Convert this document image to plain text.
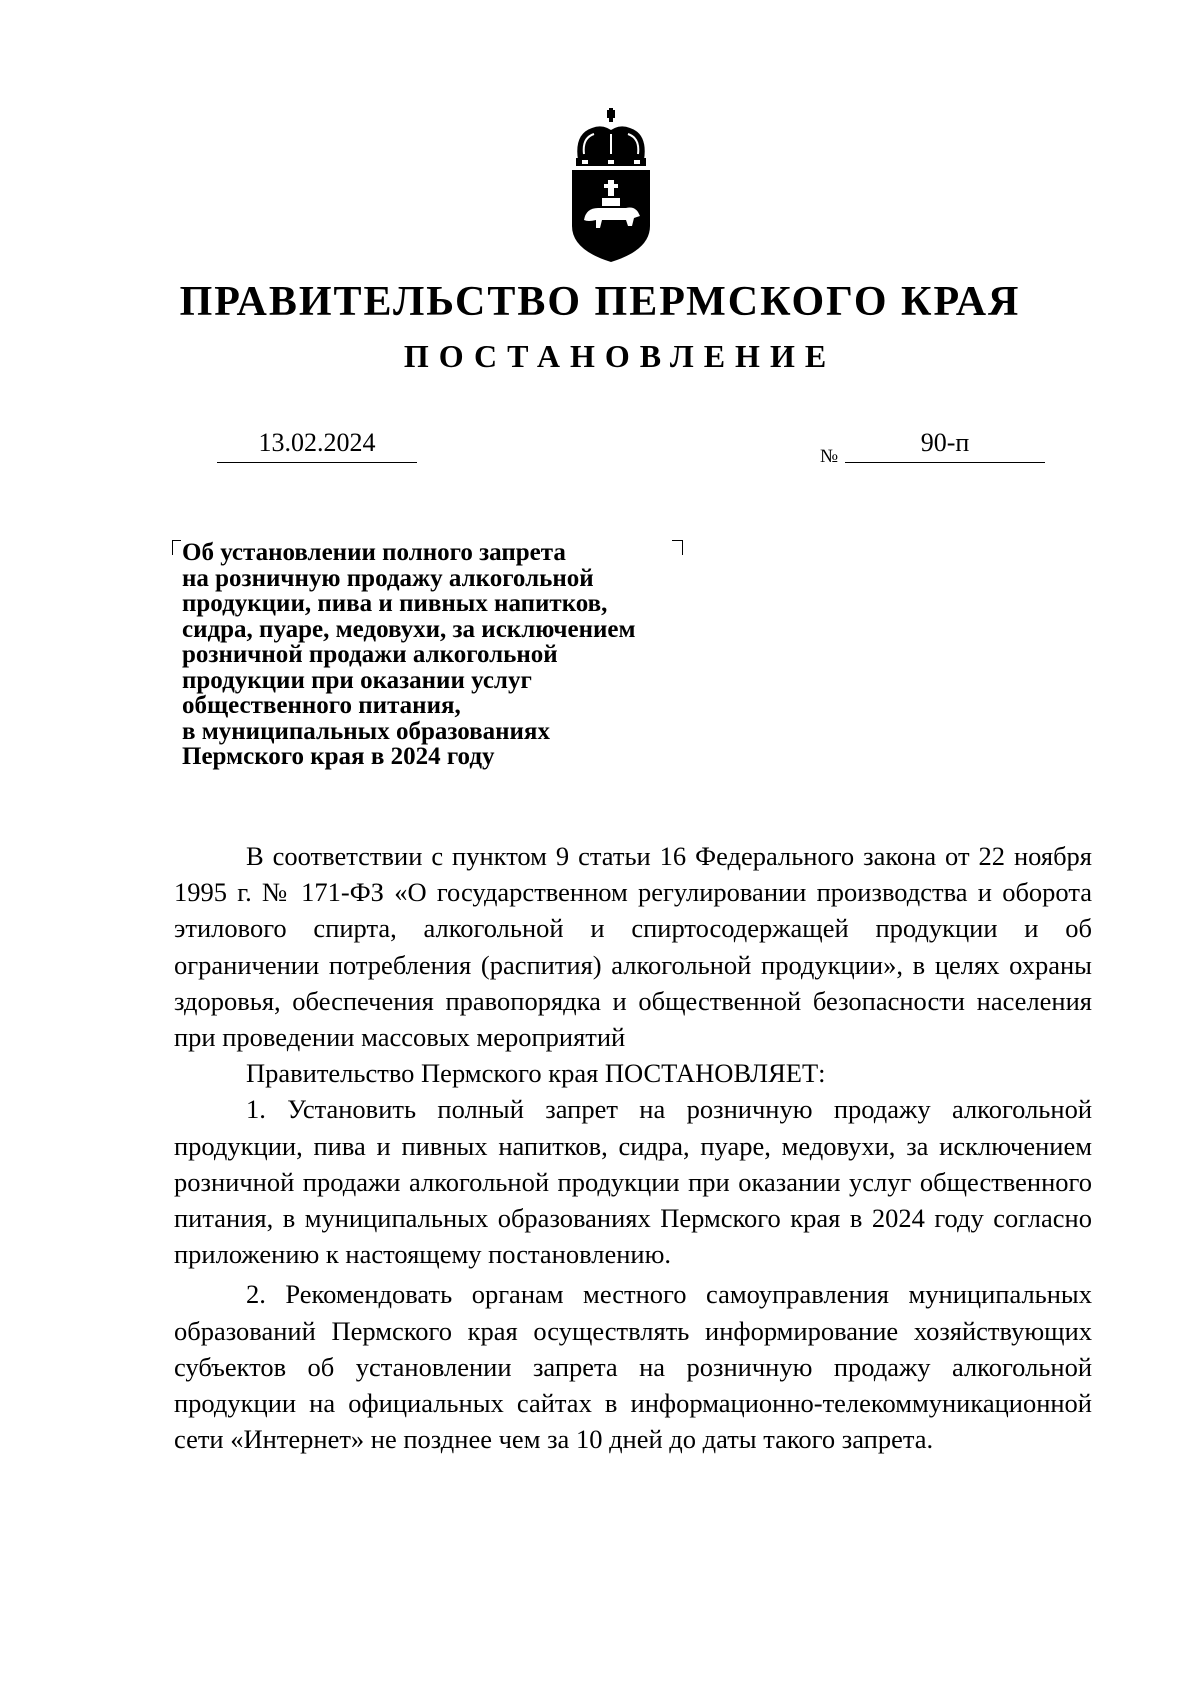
ПРАВИТЕЛЬСТВО ПЕРМСКОГО КРАЯ
ПОСТАНОВЛЕНИЕ
13.02.2024	№	90-п
Об установлении полного запрета
на розничную продажу алкогольной
продукции, пива и пивных напитков,
сидра, пуаре, медовухи, за исключением
розничной продажи алкогольной
продукции при оказании услуг
общественного питания,
в муниципальных образованиях
Пермского края в 2024 году

В соответствии с пунктом 9 статьи 16 Федерального закона от 22 ноября 1995 г. № 171-ФЗ «О государственном регулировании производства и оборота этилового спирта, алкогольной и спиртосодержащей продукции и об ограничении потребления (распития) алкогольной продукции», в целях охраны здоровья, обеспечения правопорядка и общественной безопасности населения при проведении массовых мероприятий

Правительство Пермского края ПОСТАНОВЛЯЕТ:

1. Установить полный запрет на розничную продажу алкогольной продукции, пива и пивных напитков, сидра, пуаре, медовухи, за исключением розничной продажи алкогольной продукции при оказании услуг общественного питания, в муниципальных образованиях Пермского края в 2024 году согласно приложению к настоящему постановлению.

2. Рекомендовать органам местного самоуправления муниципальных образований Пермского края осуществлять информирование хозяйствующих субъектов об установлении запрета на розничную продажу алкогольной продукции на официальных сайтах в информационно-телекоммуникационной сети «Интернет» не позднее чем за 10 дней до даты такого запрета.
